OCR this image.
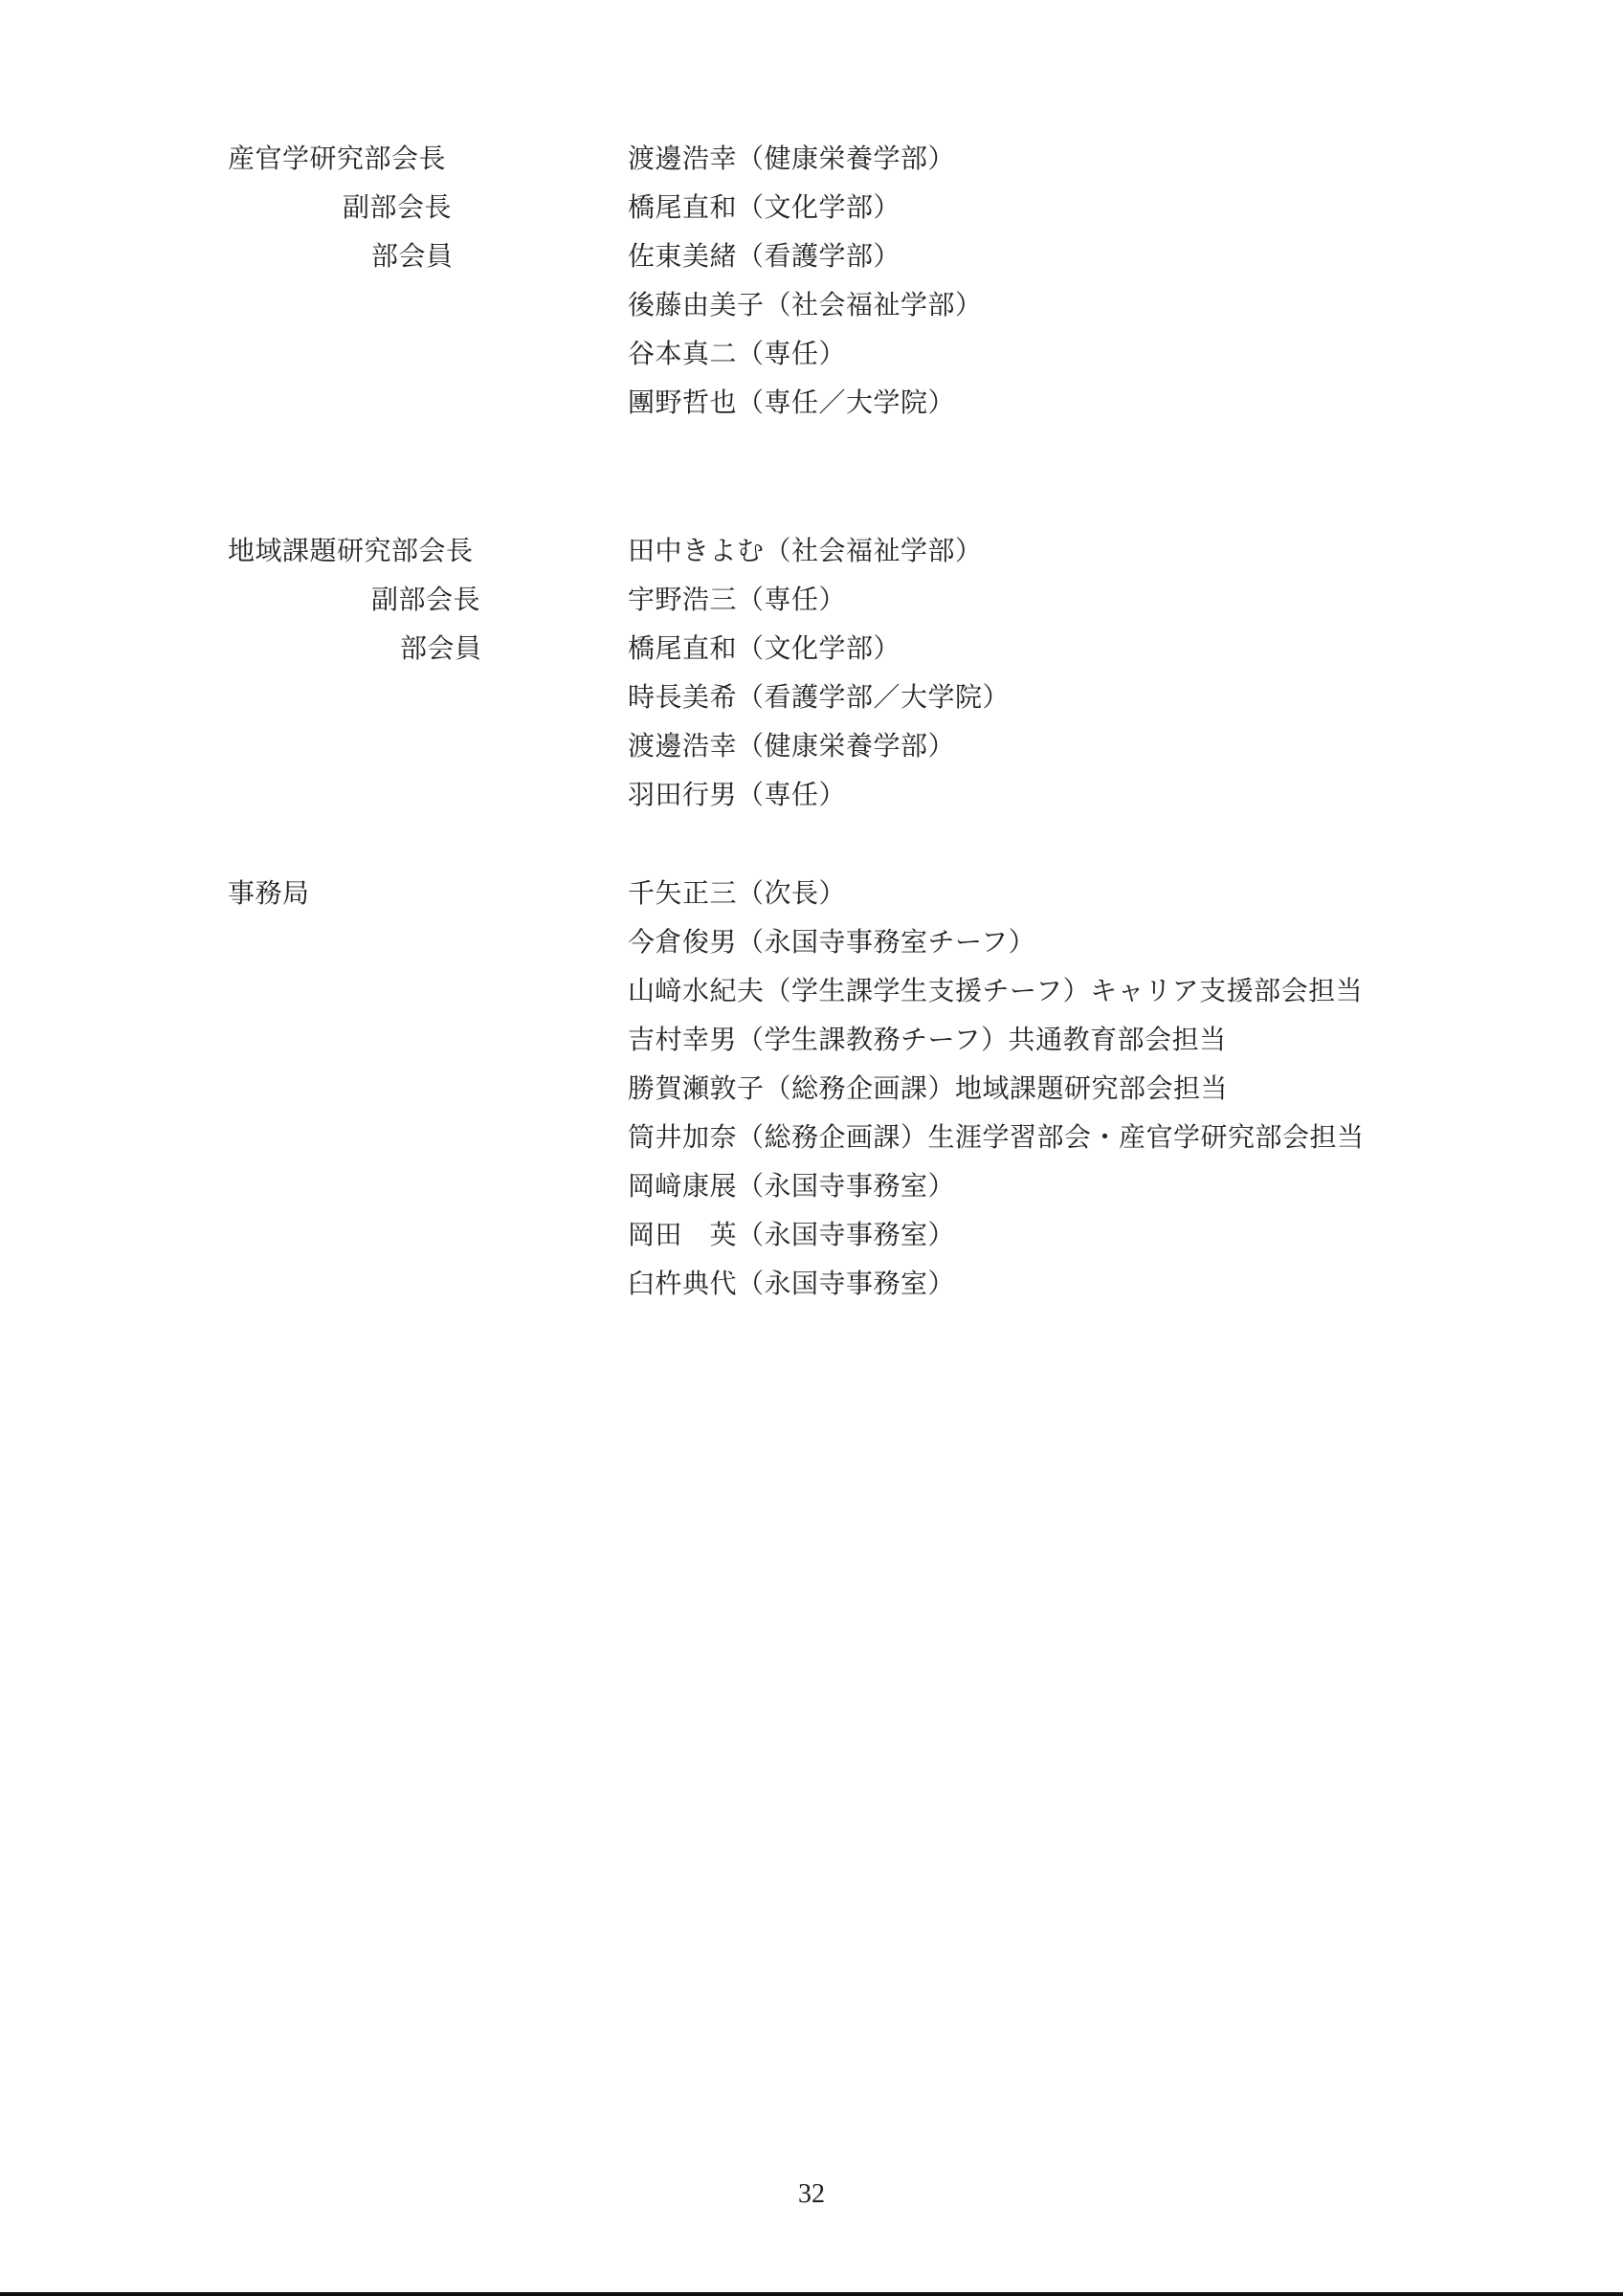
産官学研究部会長
副部会長
部会員
渡邊浩幸（健康栄養学部）
橋尾直和（文化学部）
佐東美緒（看護学部）
後藤由美子（社会福祉学部）
谷本真二（専任）
團野哲也（専任／大学院）
地域課題研究部会長
副部会長
部会員
田中きよむ（社会福祉学部）
宇野浩三（専任）
橋尾直和（文化学部）
時長美希（看護学部／大学院）
渡邊浩幸（健康栄養学部）
羽田行男（専任）
事務局	千矢正三（次長）
今倉俊男（永国寺事務室チーフ）
山﨑水紀夫（学生課学生支援チーフ）キャリア支援部会担当
吉村幸男（学生課教務チーフ）共通教育部会担当
勝賀瀬敦子（総務企画課）地域課題研究部会担当
筒井加奈（総務企画課）生涯学習部会・産官学研究部会担当
岡﨑康展（永国寺事務室）
岡田　英（永国寺事務室）
臼杵典代（永国寺事務室）
32
